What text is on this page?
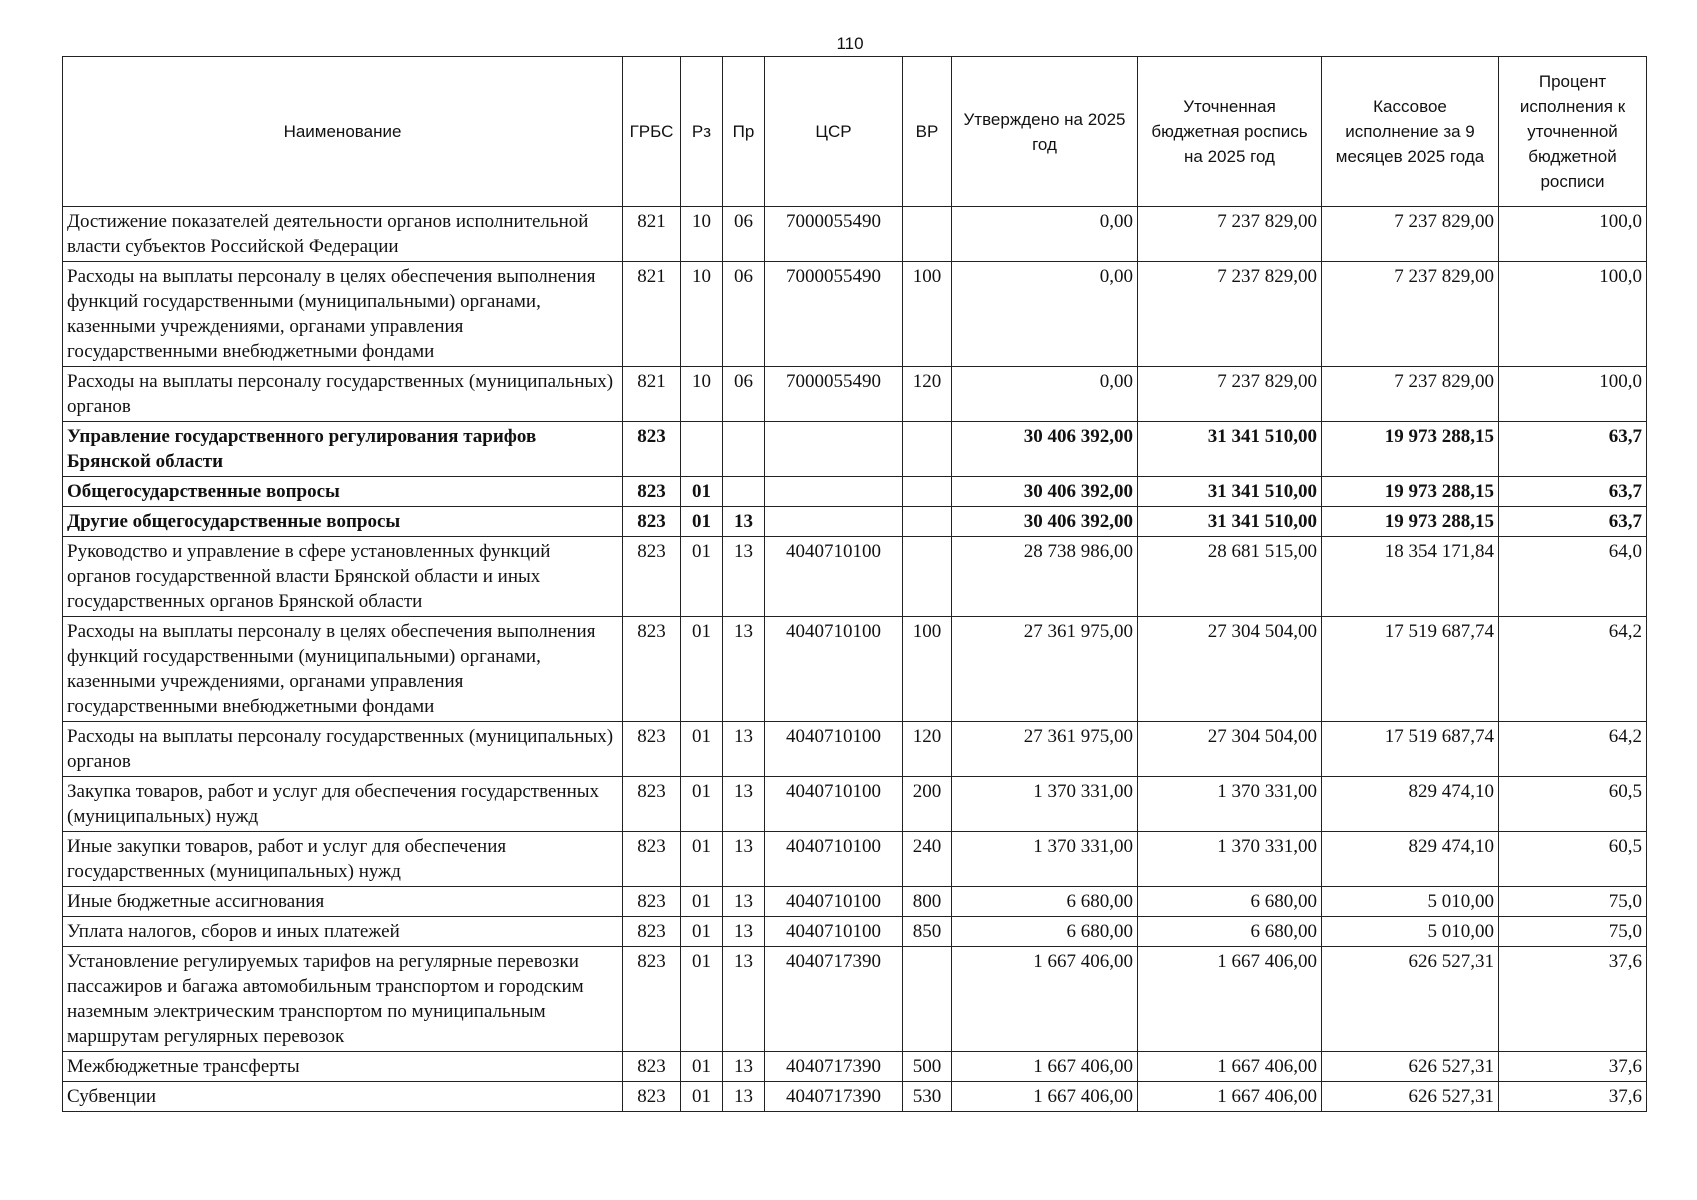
110
Наименование	ГРБС	Рз	Пр	ЦСР	ВР	Утверждено на 2025 год	Уточненная бюджетная роспись на 2025 год	Кассовое исполнение за 9 месяцев 2025 года	Процент исполнения к уточненной бюджетной росписи
Достижение показателей деятельности органов исполнительной власти субъектов Российской Федерации	821	10	06	7000055490		0,00	7 237 829,00	7 237 829,00	100,0
Расходы на выплаты персоналу в целях обеспечения выполнения функций государственными (муниципальными) органами, казенными учреждениями, органами управления государственными внебюджетными фондами	821	10	06	7000055490	100	0,00	7 237 829,00	7 237 829,00	100,0
Расходы на выплаты персоналу государственных (муниципальных) органов	821	10	06	7000055490	120	0,00	7 237 829,00	7 237 829,00	100,0
Управление государственного регулирования тарифов Брянской области	823					30 406 392,00	31 341 510,00	19 973 288,15	63,7
Общегосударственные вопросы	823	01				30 406 392,00	31 341 510,00	19 973 288,15	63,7
Другие общегосударственные вопросы	823	01	13			30 406 392,00	31 341 510,00	19 973 288,15	63,7
Руководство и управление в сфере установленных функций органов государственной власти Брянской области и иных государственных органов Брянской области	823	01	13	4040710100		28 738 986,00	28 681 515,00	18 354 171,84	64,0
Расходы на выплаты персоналу в целях обеспечения выполнения функций государственными (муниципальными) органами, казенными учреждениями, органами управления государственными внебюджетными фондами	823	01	13	4040710100	100	27 361 975,00	27 304 504,00	17 519 687,74	64,2
Расходы на выплаты персоналу государственных (муниципальных) органов	823	01	13	4040710100	120	27 361 975,00	27 304 504,00	17 519 687,74	64,2
Закупка товаров, работ и услуг для обеспечения государственных (муниципальных) нужд	823	01	13	4040710100	200	1 370 331,00	1 370 331,00	829 474,10	60,5
Иные закупки товаров, работ и услуг для обеспечения государственных (муниципальных) нужд	823	01	13	4040710100	240	1 370 331,00	1 370 331,00	829 474,10	60,5
Иные бюджетные ассигнования	823	01	13	4040710100	800	6 680,00	6 680,00	5 010,00	75,0
Уплата налогов, сборов и иных платежей	823	01	13	4040710100	850	6 680,00	6 680,00	5 010,00	75,0
Установление регулируемых тарифов на регулярные перевозки пассажиров и багажа автомобильным транспортом и городским наземным электрическим транспортом по муниципальным маршрутам регулярных перевозок	823	01	13	4040717390		1 667 406,00	1 667 406,00	626 527,31	37,6
Межбюджетные трансферты	823	01	13	4040717390	500	1 667 406,00	1 667 406,00	626 527,31	37,6
Субвенции	823	01	13	4040717390	530	1 667 406,00	1 667 406,00	626 527,31	37,6
